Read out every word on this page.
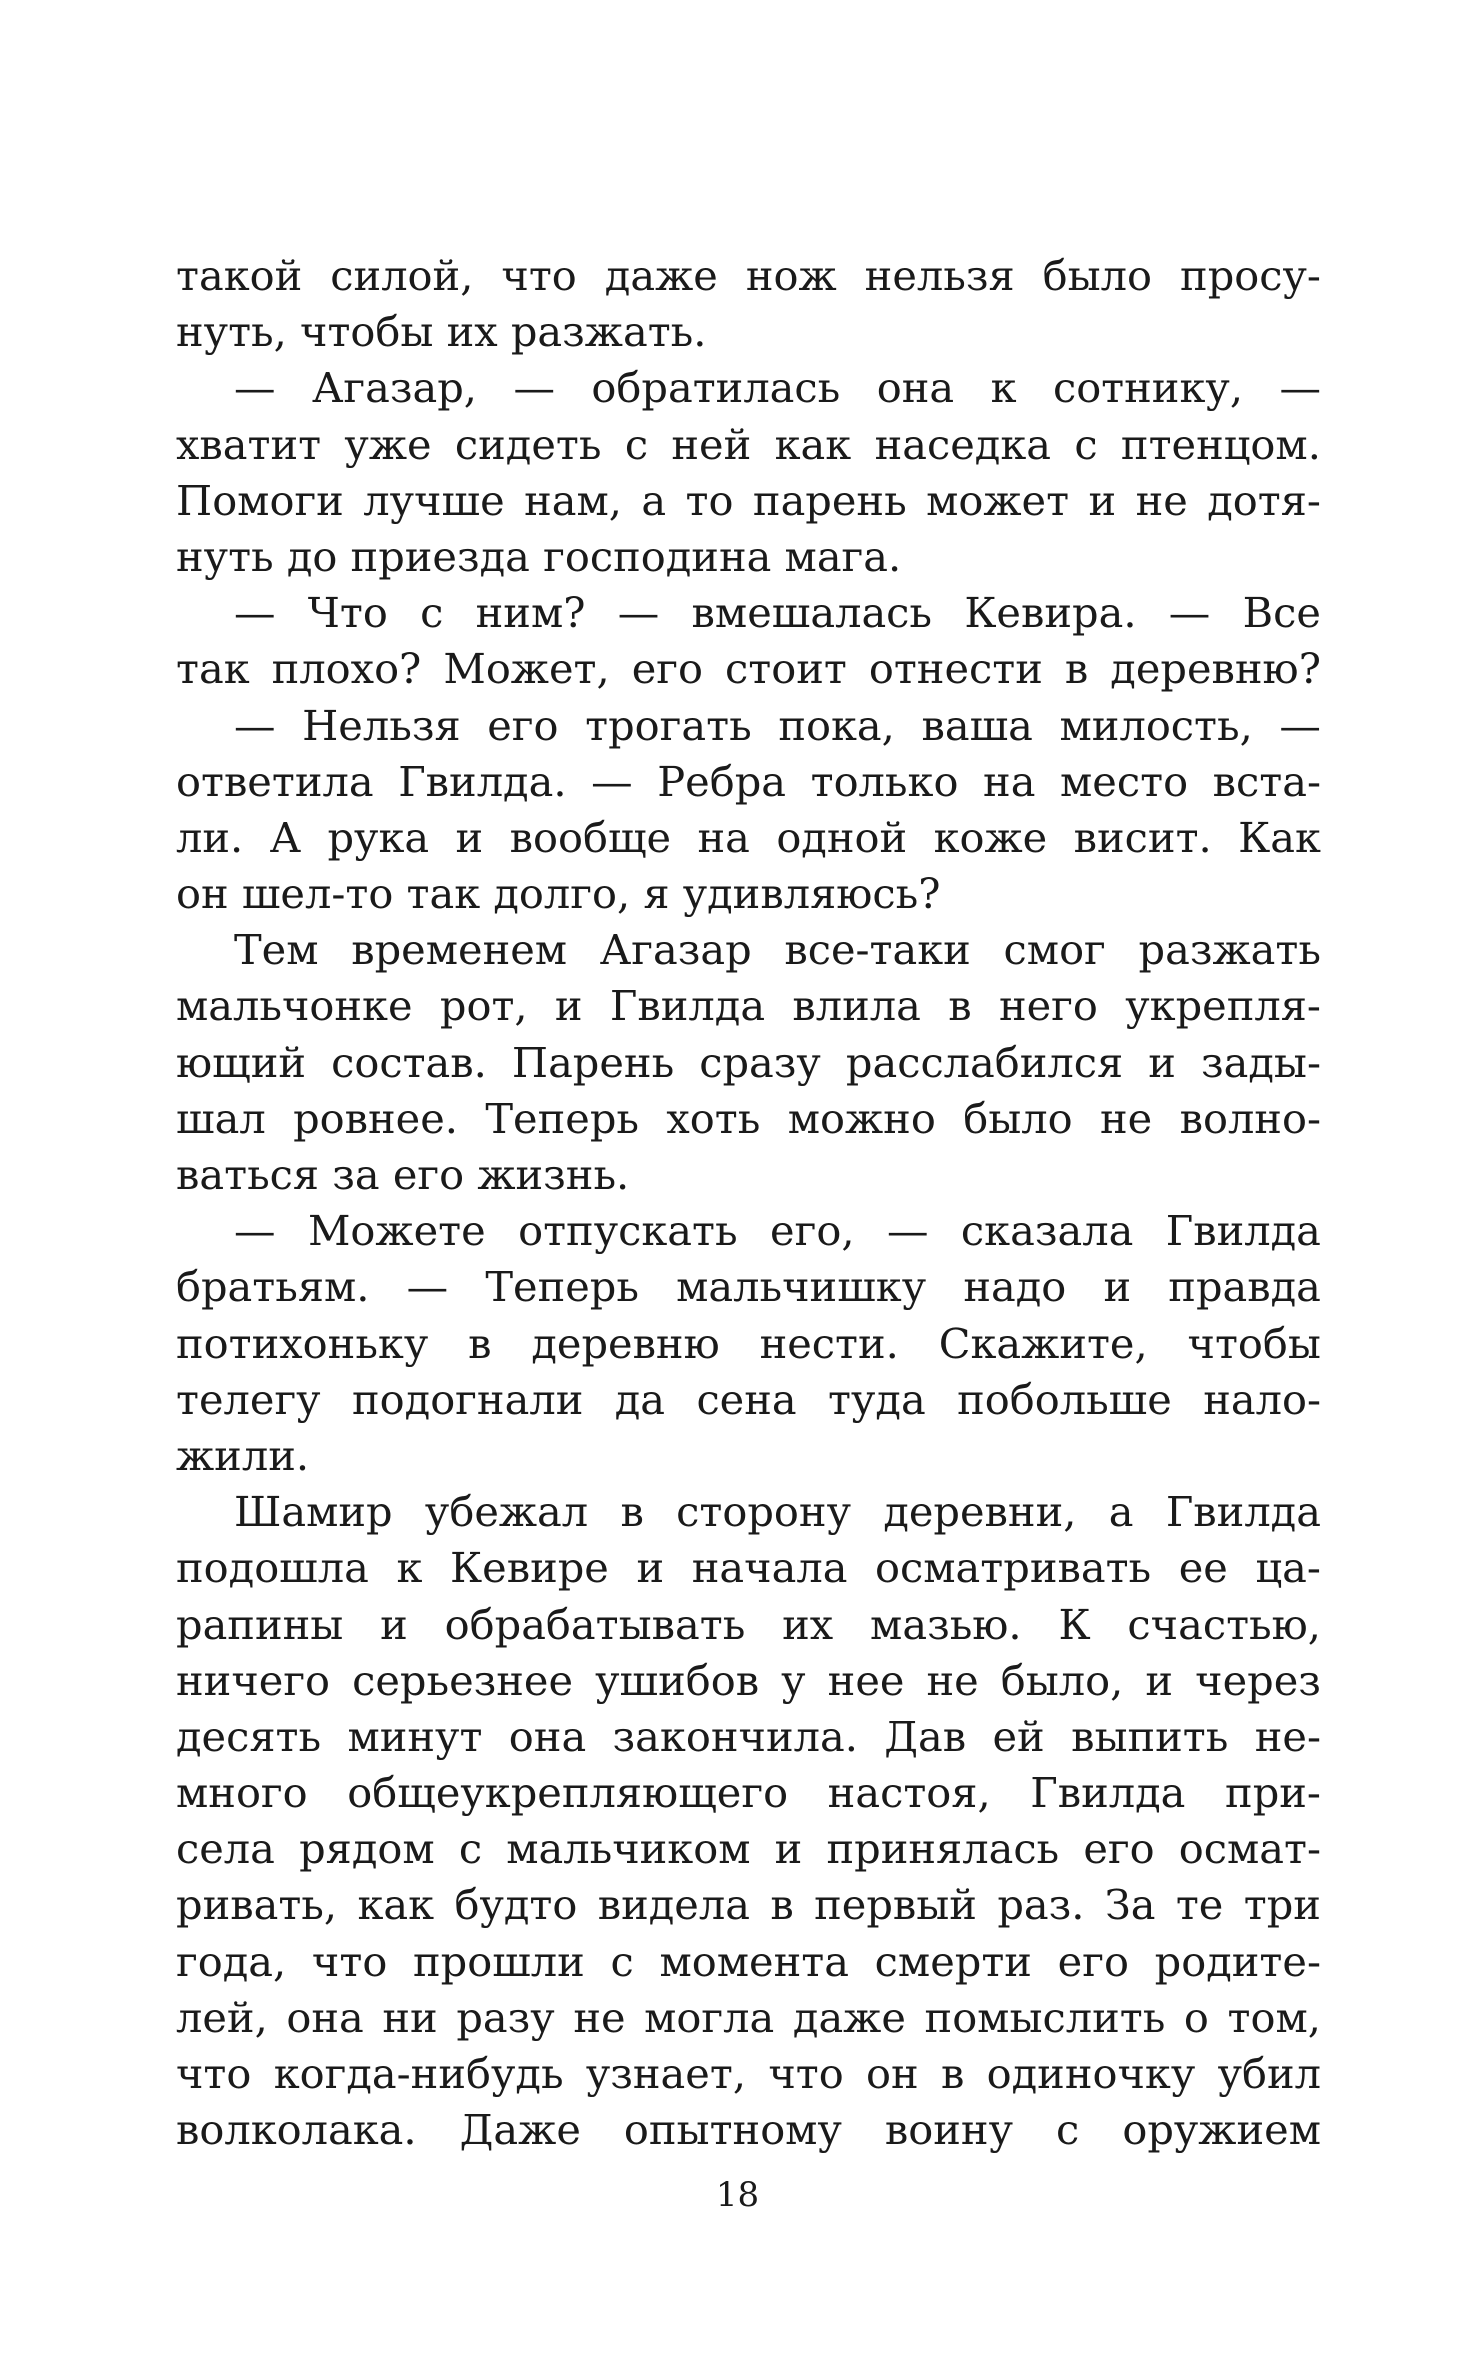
такой силой, что даже нож нельзя было просу-
нуть, чтобы их разжать.
— Агазар, — обратилась она к сотнику, —
хватит уже сидеть с ней как наседка с птенцом.
Помоги лучше нам, а то парень может и не дотя-
нуть до приезда господина мага.
— Что с ним? — вмешалась Кевира. — Все
так плохо? Может, его стоит отнести в деревню?
— Нельзя его трогать пока, ваша милость, —
ответила Гвилда. — Ребра только на место вста-
ли. А рука и вообще на одной коже висит. Как
он шел-то так долго, я удивляюсь?
Тем временем Агазар все-таки смог разжать
мальчонке рот, и Гвилда влила в него укрепля-
ющий состав. Парень сразу расслабился и зады-
шал ровнее. Теперь хоть можно было не волно-
ваться за его жизнь.
— Можете отпускать его, — сказала Гвилда
братьям. — Теперь мальчишку надо и правда
потихоньку в деревню нести. Скажите, чтобы
телегу подогнали да сена туда побольше нало-
жили.
Шамир убежал в сторону деревни, а Гвилда
подошла к Кевире и начала осматривать ее ца-
рапины и обрабатывать их мазью. К счастью,
ничего серьезнее ушибов у нее не было, и через
десять минут она закончила. Дав ей выпить не-
много общеукрепляющего настоя, Гвилда при-
села рядом с мальчиком и принялась его осмат-
ривать, как будто видела в первый раз. За те три
года, что прошли с момента смерти его родите-
лей, она ни разу не могла даже помыслить о том,
что когда-нибудь узнает, что он в одиночку убил
волколака. Даже опытному воину с оружием
18
